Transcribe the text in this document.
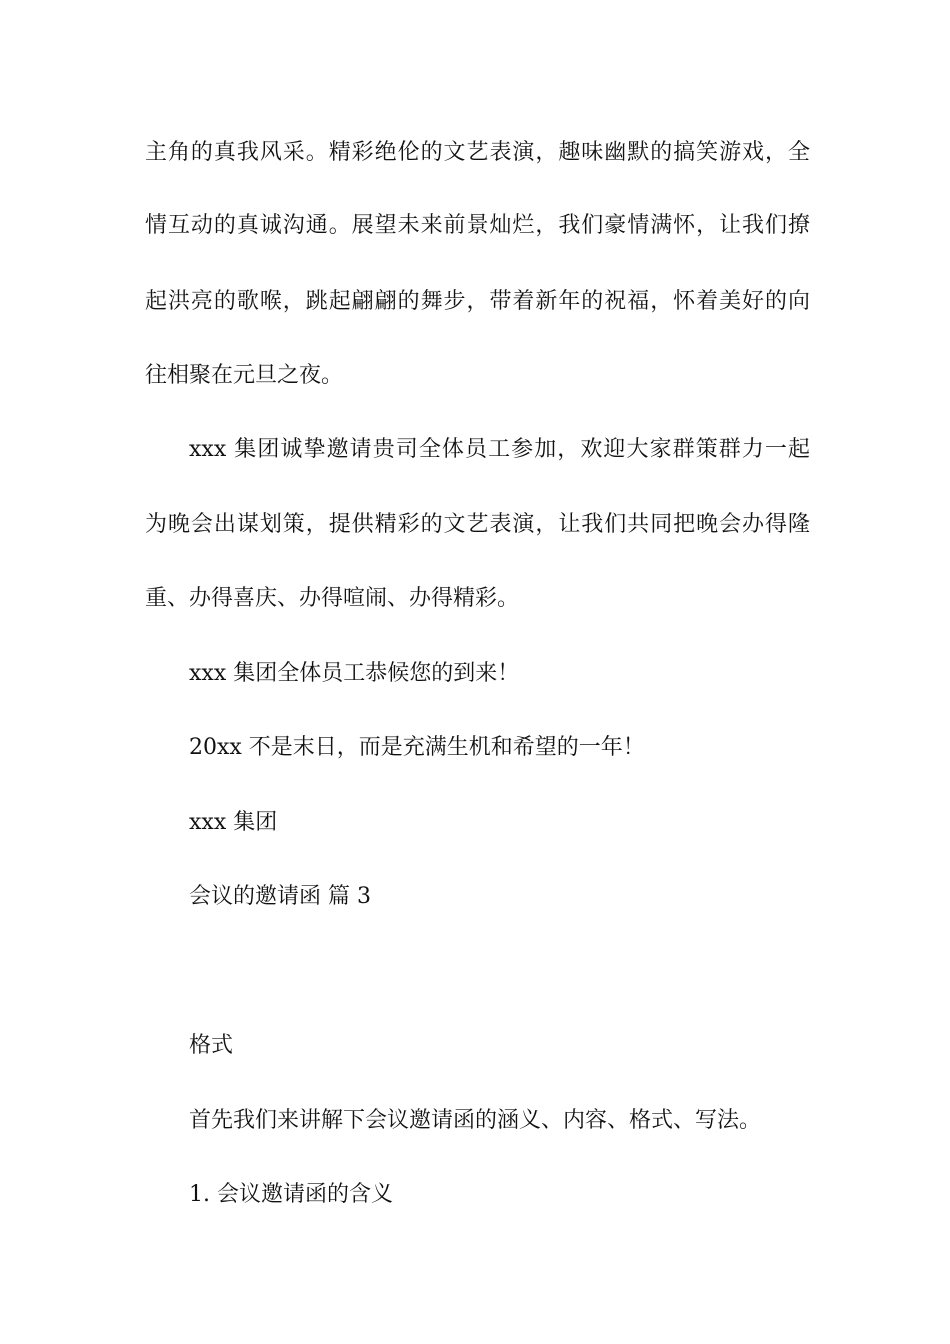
主角的真我风采。精彩绝伦的文艺表演，趣味幽默的搞笑游戏，全
情互动的真诚沟通。展望未来前景灿烂，我们豪情满怀，让我们撩
起洪亮的歌喉，跳起翩翩的舞步，带着新年的祝福，怀着美好的向
往相聚在元旦之夜。
xxx 集团诚挚邀请贵司全体员工参加，欢迎大家群策群力一起
为晚会出谋划策，提供精彩的文艺表演，让我们共同把晚会办得隆
重、办得喜庆、办得喧闹、办得精彩。
xxx 集团全体员工恭候您的到来！
20xx 不是末日，而是充满生机和希望的一年！
xxx 集团
会议的邀请函 篇 3
格式
首先我们来讲解下会议邀请函的涵义、内容、格式、写法。
1. 会议邀请函的含义
